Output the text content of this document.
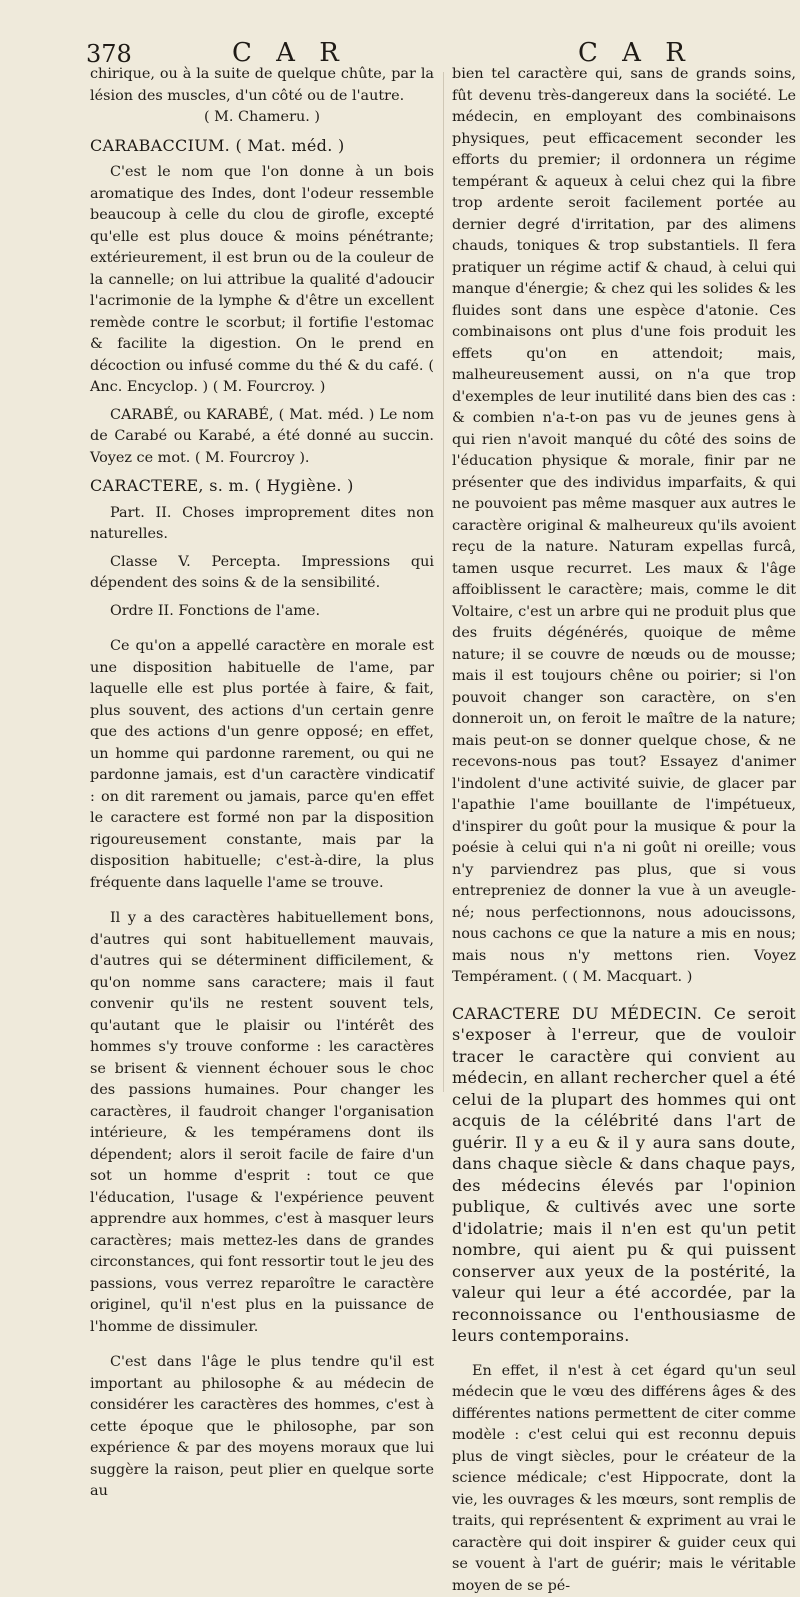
378	C A R	C A R

chirique, ou à la suite de quelque chûte, par la lésion des muscles, d'un côté ou de l'autre.

( M. Chameru. )

CARABACCIUM. ( Mat. méd. )

C'est le nom que l'on donne à un bois aromatique des Indes, dont l'odeur ressemble beaucoup à celle du clou de girofle, excepté qu'elle est plus douce & moins pénétrante; extérieurement, il est brun ou de la couleur de la cannelle; on lui attribue la qualité d'adoucir l'acrimonie de la lymphe & d'être un excellent remède contre le scorbut; il fortifie l'estomac & facilite la digestion. On le prend en décoction ou infusé comme du thé & du café. ( Anc. Encyclop. ) ( M. Fourcroy. )

CARABÉ, ou KARABÉ, ( Mat. méd. ) Le nom de Carabé ou Karabé, a été donné au succin. Voyez ce mot. ( M. Fourcroy ).

CARACTERE, s. m. ( Hygiène. )

Part. II. Choses improprement dites non naturelles.

Classe V. Percepta. Impressions qui dépendent des soins & de la sensibilité.

Ordre II. Fonctions de l'ame.

Ce qu'on a appellé caractère en morale est une disposition habituelle de l'ame, par laquelle elle est plus portée à faire, & fait, plus souvent, des actions d'un certain genre que des actions d'un genre opposé; en effet, un homme qui pardonne rarement, ou qui ne pardonne jamais, est d'un caractère vindicatif : on dit rarement ou jamais, parce qu'en effet le caractere est formé non par la disposition rigoureusement constante, mais par la disposition habituelle; c'est-à-dire, la plus fréquente dans laquelle l'ame se trouve.

Il y a des caractères habituellement bons, d'autres qui sont habituellement mauvais, d'autres qui se déterminent difficilement, & qu'on nomme sans caractere; mais il faut convenir qu'ils ne restent souvent tels, qu'autant que le plaisir ou l'intérêt des hommes s'y trouve conforme : les caractères se brisent & viennent échouer sous le choc des passions humaines. Pour changer les caractères, il faudroit changer l'organisation intérieure, & les tempéramens dont ils dépendent; alors il seroit facile de faire d'un sot un homme d'esprit : tout ce que l'éducation, l'usage & l'expérience peuvent apprendre aux hommes, c'est à masquer leurs caractères; mais mettez-les dans de grandes circonstances, qui font ressortir tout le jeu des passions, vous verrez reparoître le caractère originel, qu'il n'est plus en la puissance de l'homme de dissimuler.

C'est dans l'âge le plus tendre qu'il est important au philosophe & au médecin de considérer les caractères des hommes, c'est à cette époque que le philosophe, par son expérience & par des moyens moraux que lui suggère la raison, peut plier en quelque sorte au

bien tel caractère qui, sans de grands soins, fût devenu très-dangereux dans la société. Le médecin, en employant des combinaisons physiques, peut efficacement seconder les efforts du premier; il ordonnera un régime tempérant & aqueux à celui chez qui la fibre trop ardente seroit facilement portée au dernier degré d'irritation, par des alimens chauds, toniques & trop substantiels. Il fera pratiquer un régime actif & chaud, à celui qui manque d'énergie; & chez qui les solides & les fluides sont dans une espèce d'atonie. Ces combinaisons ont plus d'une fois produit les effets qu'on en attendoit; mais, malheureusement aussi, on n'a que trop d'exemples de leur inutilité dans bien des cas : & combien n'a-t-on pas vu de jeunes gens à qui rien n'avoit manqué du côté des soins de l'éducation physique & morale, finir par ne présenter que des individus imparfaits, & qui ne pouvoient pas même masquer aux autres le caractère original & malheureux qu'ils avoient reçu de la nature. Naturam expellas furcâ, tamen usque recurret. Les maux & l'âge affoiblissent le caractère; mais, comme le dit Voltaire, c'est un arbre qui ne produit plus que des fruits dégénérés, quoique de même nature; il se couvre de nœuds ou de mousse; mais il est toujours chêne ou poirier; si l'on pouvoit changer son caractère, on s'en donneroit un, on feroit le maître de la nature; mais peut-on se donner quelque chose, & ne recevons-nous pas tout? Essayez d'animer l'indolent d'une activité suivie, de glacer par l'apathie l'ame bouillante de l'impétueux, d'inspirer du goût pour la musique & pour la poésie à celui qui n'a ni goût ni oreille; vous n'y parviendrez pas plus, que si vous entrepreniez de donner la vue à un aveugle-né; nous perfectionnons, nous adoucissons, nous cachons ce que la nature a mis en nous; mais nous n'y mettons rien. Voyez Tempérament. ( ( M. Macquart. )

CARACTERE DU MÉDECIN. Ce seroit s'exposer à l'erreur, que de vouloir tracer le caractère qui convient au médecin, en allant rechercher quel a été celui de la plupart des hommes qui ont acquis de la célébrité dans l'art de guérir. Il y a eu & il y aura sans doute, dans chaque siècle & dans chaque pays, des médecins élevés par l'opinion publique, & cultivés avec une sorte d'idolatrie; mais il n'en est qu'un petit nombre, qui aient pu & qui puissent conserver aux yeux de la postérité, la valeur qui leur a été accordée, par la reconnoissance ou l'enthousiasme de leurs contemporains.

En effet, il n'est à cet égard qu'un seul médecin que le vœu des différens âges & des différentes nations permettent de citer comme modèle : c'est celui qui est reconnu depuis plus de vingt siècles, pour le créateur de la science médicale; c'est Hippocrate, dont la vie, les ouvrages & les mœurs, sont remplis de traits, qui représentent & expriment au vrai le caractère qui doit inspirer & guider ceux qui se vouent à l'art de guérir; mais le véritable moyen de se pé-
